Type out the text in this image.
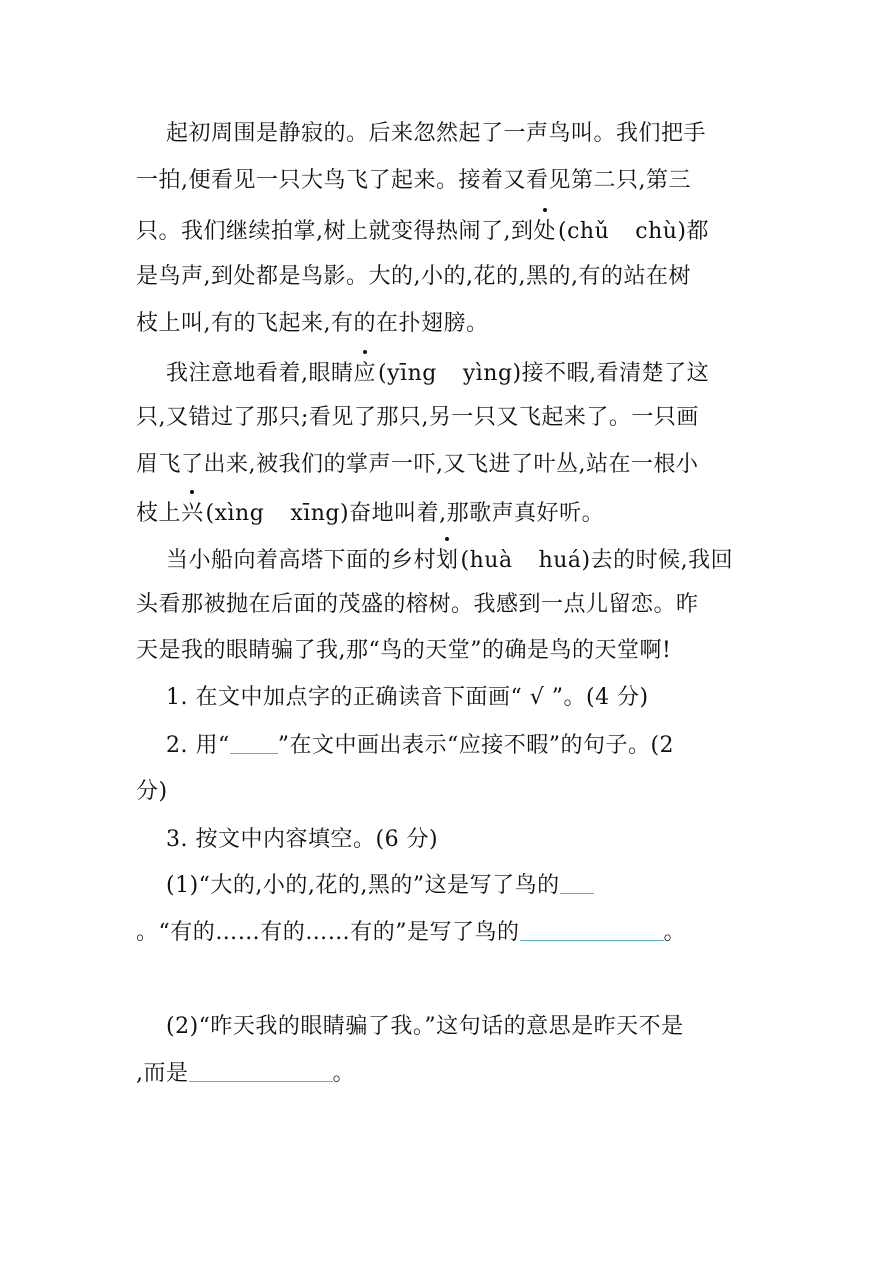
起初周围是静寂的。后来忽然起了一声鸟叫。我们把手
一拍,便看见一只大鸟飞了起来。接着又看见第二只,第三
只。我们继续拍掌,树上就变得热闹了,到处(chǔ chù)都
是鸟声,到处都是鸟影。大的,小的,花的,黑的,有的站在树
枝上叫,有的飞起来,有的在扑翅膀。
我注意地看着,眼睛应(yīng yìng)接不暇,看清楚了这
只,又错过了那只;看见了那只,另一只又飞起来了。一只画
眉飞了出来,被我们的掌声一吓,又飞进了叶丛,站在一根小
枝上兴(xìng xīng)奋地叫着,那歌声真好听。
当小船向着高塔下面的乡村划(huà huá)去的时候,我回
头看那被抛在后面的茂盛的榕树。我感到一点儿留恋。昨
天是我的眼睛骗了我,那“鸟的天堂”的确是鸟的天堂啊!
1. 在文中加点字的正确读音下面画“ √ ”。(4 分)
2. 用“ ”在文中画出表示“应接不暇”的句子。(2
分)
3. 按文中内容填空。(6 分)
(1)“大的,小的,花的,黑的”这是写了鸟的
。“有的……有的……有的”是写了鸟的	。
(2)“昨天我的眼睛骗了我。”这句话的意思是昨天不是
,而是	。
